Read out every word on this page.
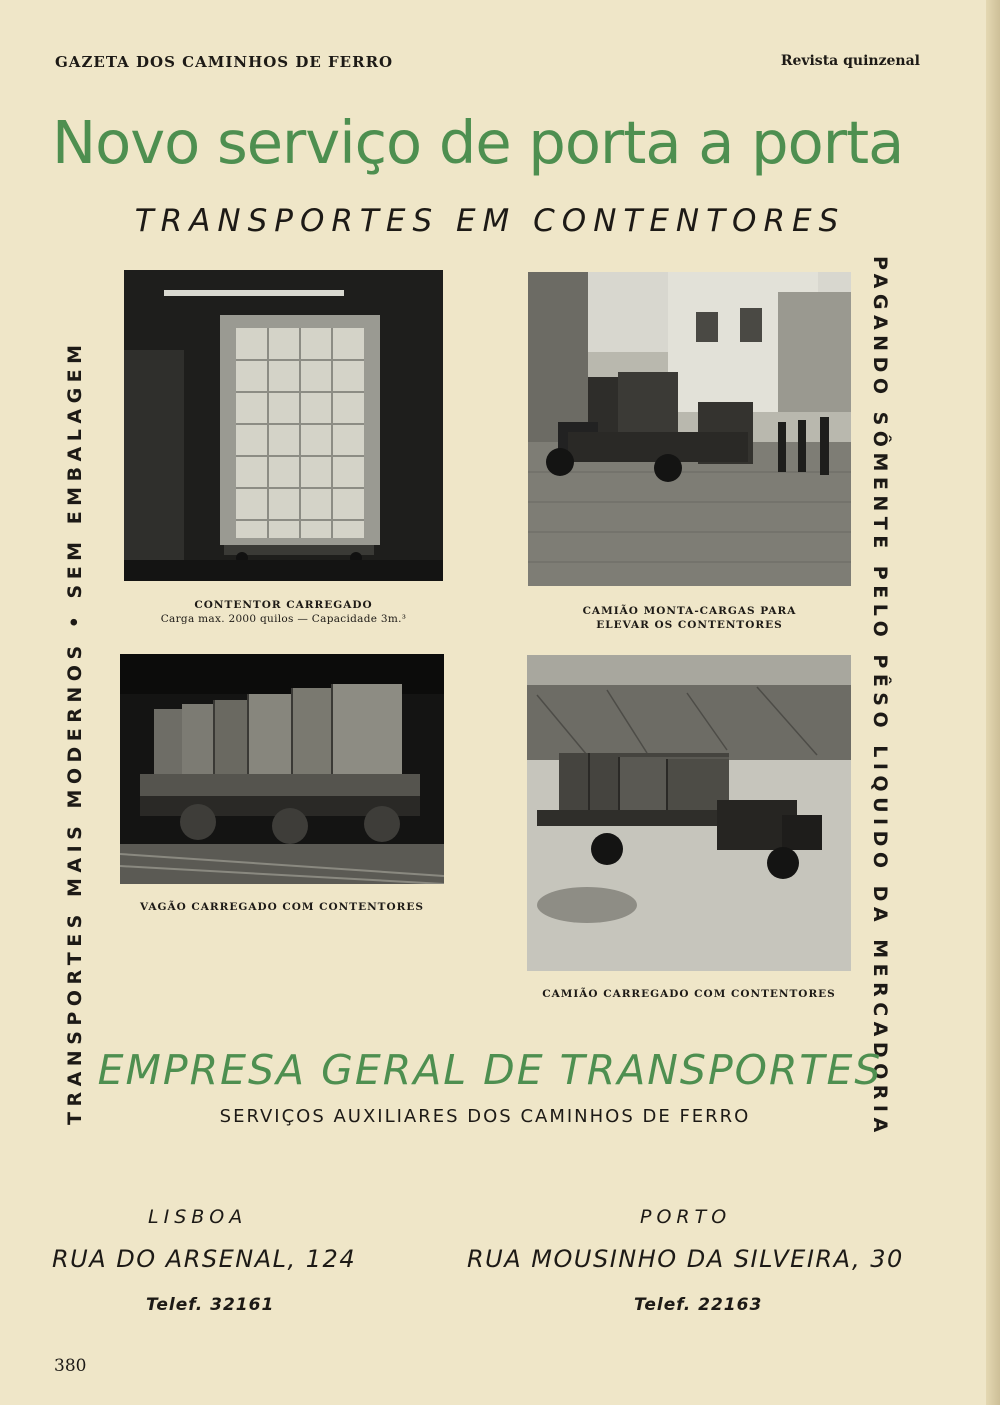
GAZETA DOS CAMINHOS DE FERRO	Revista quinzenal
Novo serviço de porta a porta
TRANSPORTES EM CONTENTORES
TRANSPORTES MAIS MODERNOS • SEM EMBALAGEM	PAGANDO SÔMENTE PELO PÊSO LIQUIDO DA MERCADORIA
CONTENTOR CARREGADO
Carga max. 2000 quilos — Capacidade 3m.³
CAMIÃO MONTA-CARGAS PARA
ELEVAR OS CONTENTORES
VAGÃO CARREGADO COM CONTENTORES
CAMIÃO CARREGADO COM CONTENTORES
EMPRESA GERAL DE TRANSPORTES
SERVIÇOS AUXILIARES DOS CAMINHOS DE FERRO
LISBOA
RUA DO ARSENAL, 124
Telef. 32161
PORTO
RUA MOUSINHO DA SILVEIRA, 30
Telef. 22163
380
